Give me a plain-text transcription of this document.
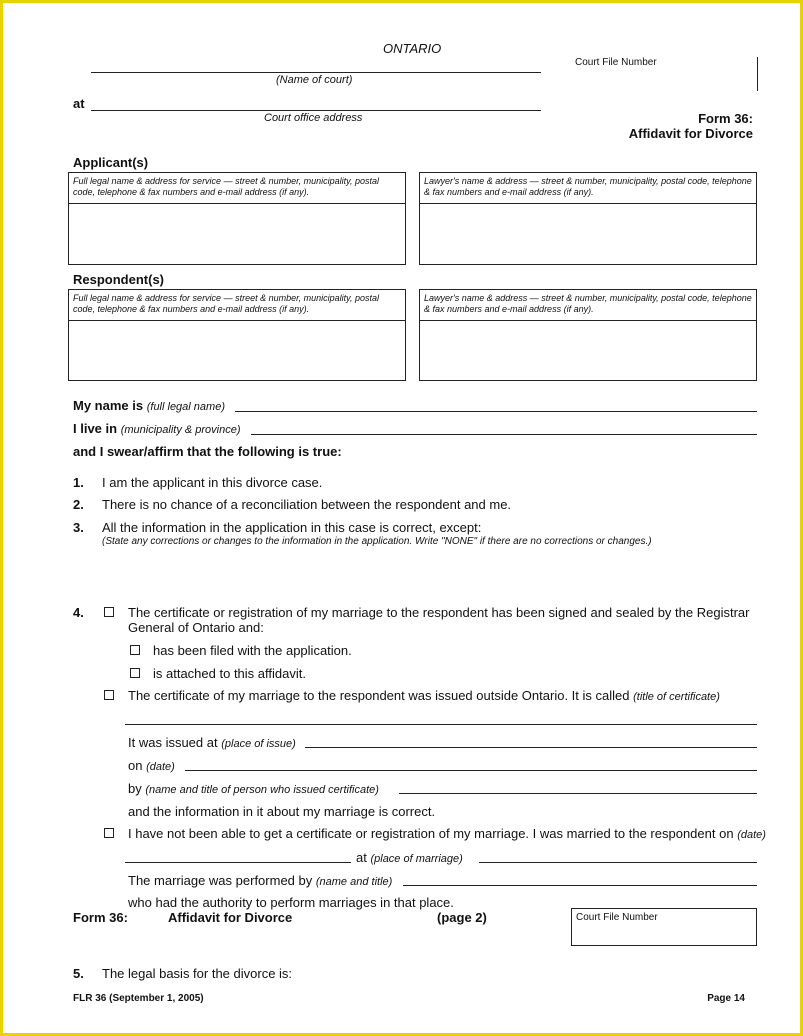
ONTARIO
(Name of court)
at
Court office address
Court File Number
Form 36:
Affidavit for Divorce
Applicant(s)
Full legal name & address for service — street & number, municipality, postal code, telephone & fax numbers and e-mail address (if any).
Lawyer's name & address — street & number, municipality, postal code, telephone & fax numbers and e-mail address (if any).
Respondent(s)
Full legal name & address for service — street & number, municipality, postal code, telephone & fax numbers and e-mail address (if any).
Lawyer's name & address — street & number, municipality, postal code, telephone & fax numbers and e-mail address (if any).
My name is (full legal name)
I live in (municipality & province)
and I swear/affirm that the following is true:
1. I am the applicant in this divorce case.
2. There is no chance of a reconciliation between the respondent and me.
3. All the information in the application in this case is correct, except:
(State any corrections or changes to the information in the application. Write "NONE" if there are no corrections or changes.)
4.	The certificate or registration of my marriage to the respondent has been signed and sealed by the Registrar
General of Ontario and:
has been filed with the application.
is attached to this affidavit.
The certificate of my marriage to the respondent was issued outside Ontario. It is called (title of certificate)
It was issued at (place of issue)
on (date)
by (name and title of person who issued certificate)
and the information in it about my marriage is correct.
I have not been able to get a certificate or registration of my marriage. I was married to the respondent on (date)
at (place of marriage)
The marriage was performed by (name and title)
who had the authority to perform marriages in that place.
Form 36:	Affidavit for Divorce	(page 2)	Court File Number
5. The legal basis for the divorce is:
FLR 36 (September 1, 2005)	Page 14
